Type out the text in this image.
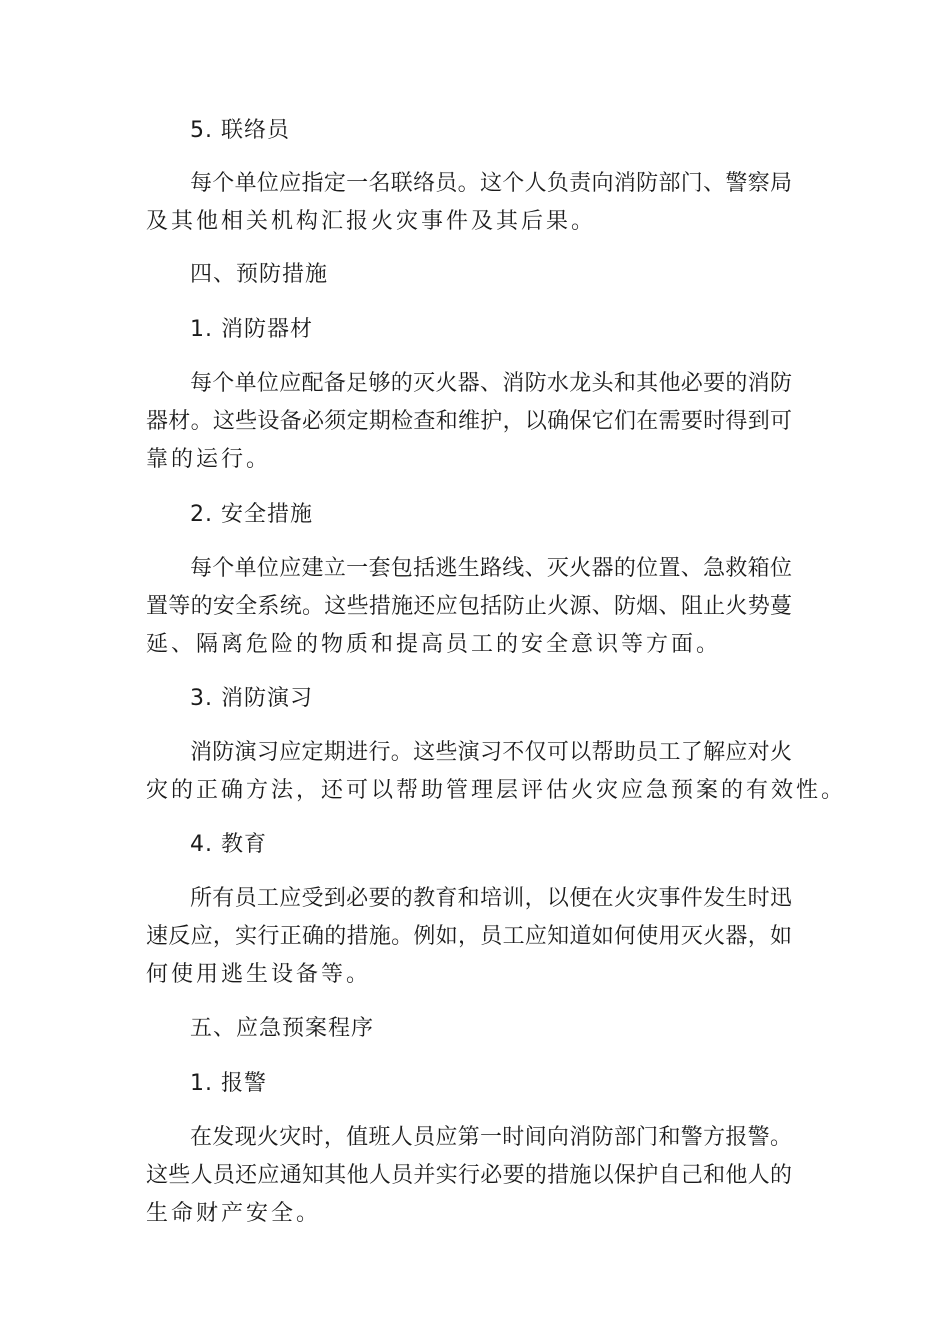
5. 联络员
每个单位应指定一名联络员。这个人负责向消防部门、警察局
及其他相关机构汇报火灾事件及其后果。
四、预防措施
1. 消防器材
每个单位应配备足够的灭火器、消防水龙头和其他必要的消防
器材。这些设备必须定期检查和维护，以确保它们在需要时得到可
靠的运行。
2. 安全措施
每个单位应建立一套包括逃生路线、灭火器的位置、急救箱位
置等的安全系统。这些措施还应包括防止火源、防烟、阻止火势蔓
延、隔离危险的物质和提高员工的安全意识等方面。
3. 消防演习
消防演习应定期进行。这些演习不仅可以帮助员工了解应对火
灾的正确方法，还可以帮助管理层评估火灾应急预案的有效性。
4. 教育
所有员工应受到必要的教育和培训，以便在火灾事件发生时迅
速反应，实行正确的措施。例如，员工应知道如何使用灭火器，如
何使用逃生设备等。
五、应急预案程序
1. 报警
在发现火灾时，值班人员应第一时间向消防部门和警方报警。
这些人员还应通知其他人员并实行必要的措施以保护自己和他人的
生命财产安全。
